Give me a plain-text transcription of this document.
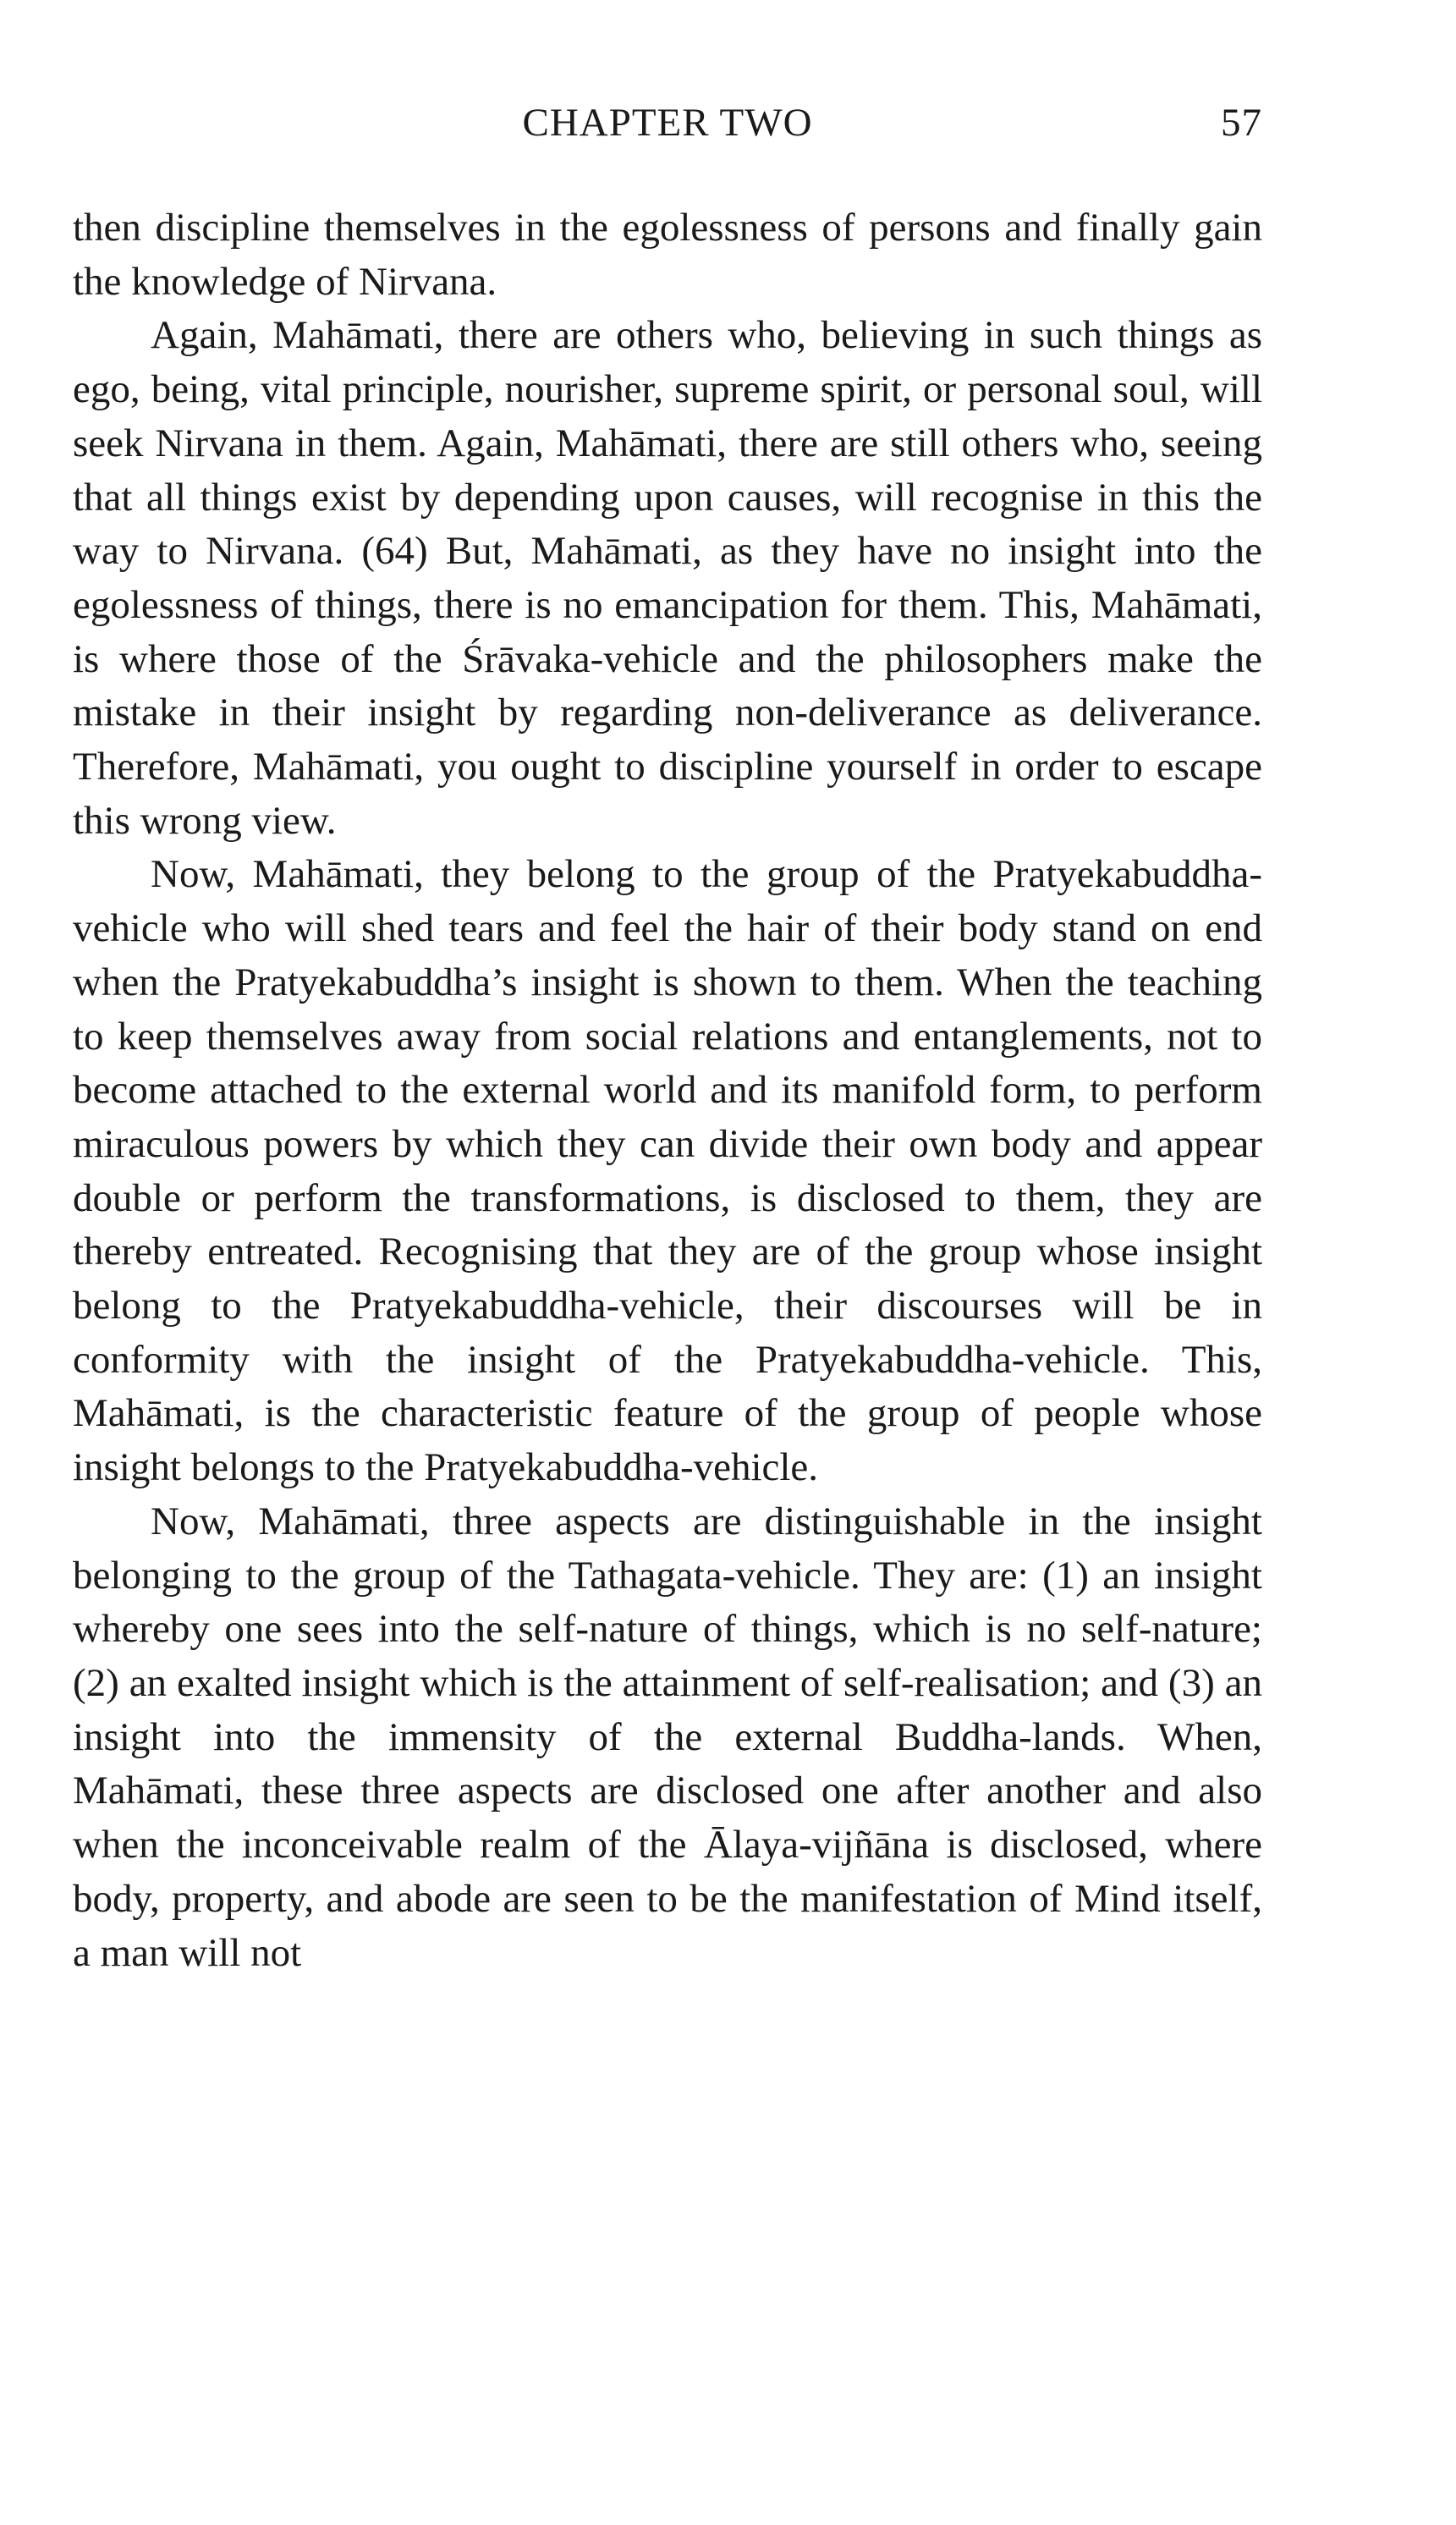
CHAPTER TWO	57

then discipline themselves in the egolessness of persons and finally gain the knowledge of Nirvana.

Again, Mahāmati, there are others who, believing in such things as ego, being, vital principle, nourisher, supreme spirit, or personal soul, will seek Nirvana in them. Again, Mahāmati, there are still others who, seeing that all things exist by depending upon causes, will recognise in this the way to Nirvana. (64) But, Mahāmati, as they have no insight into the egolessness of things, there is no emancipation for them. This, Mahāmati, is where those of the Śrāvaka-vehicle and the philosophers make the mistake in their insight by regarding non-deliverance as deliverance. Therefore, Mahāmati, you ought to discipline yourself in order to escape this wrong view.

Now, Mahāmati, they belong to the group of the Pratyekabuddha-vehicle who will shed tears and feel the hair of their body stand on end when the Pratyekabuddha’s insight is shown to them. When the teaching to keep themselves away from social relations and entanglements, not to become attached to the external world and its manifold form, to perform miraculous powers by which they can divide their own body and appear double or perform the transformations, is disclosed to them, they are thereby entreated. Recognising that they are of the group whose insight belong to the Pratyekabuddha-vehicle, their discourses will be in conformity with the insight of the Pratyekabuddha-vehicle. This, Mahāmati, is the characteristic feature of the group of people whose insight belongs to the Pratyekabuddha-vehicle.

Now, Mahāmati, three aspects are distinguishable in the insight belonging to the group of the Tathagata-vehicle. They are: (1) an insight whereby one sees into the self-nature of things, which is no self-nature; (2) an exalted insight which is the attainment of self-realisation; and (3) an insight into the immensity of the external Buddha-lands. When, Mahāmati, these three aspects are disclosed one after another and also when the inconceivable realm of the Ālaya-vijñāna is disclosed, where body, property, and abode are seen to be the manifestation of Mind itself, a man will not
